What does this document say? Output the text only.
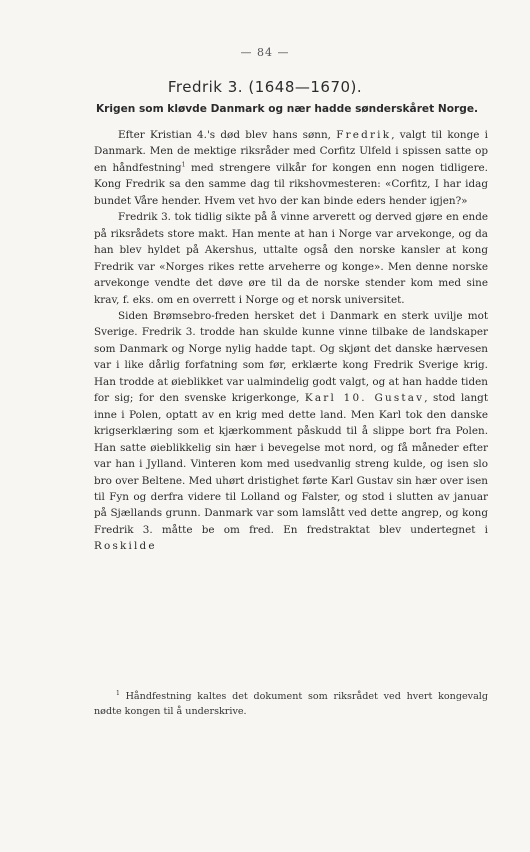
— 84 —
Fredrik 3. (1648—1670).
Krigen som kløvde Danmark og nær hadde sønderskåret Norge.

Efter Kristian 4.'s død blev hans sønn, Fredrik, valgt til konge i Danmark. Men de mektige riksråder med Corfitz Ulfeld i spissen satte op en håndfestning$^1$ med strengere vilkår for kongen enn nogen tidligere. Kong Fredrik sa den samme dag til rikshovmesteren: «Corfitz, I har idag bundet Våre hender. Hvem vet hvo der kan binde eders hender igjen?»

Fredrik 3. tok tidlig sikte på å vinne arverett og derved gjøre en ende på riksrådets store makt. Han mente at han i Norge var arvekonge, og da han blev hyldet på Akershus, uttalte også den norske kansler at kong Fredrik var «Norges rikes rette arveherre og konge». Men denne norske arvekonge vendte det døve øre til da de norske stender kom med sine krav, f. eks. om en overrett i Norge og et norsk universitet.

Siden Brømsebro-freden hersket det i Danmark en sterk uvilje mot Sverige. Fredrik 3. trodde han skulde kunne vinne tilbake de landskaper som Danmark og Norge nylig hadde tapt. Og skjønt det danske hærvesen var i like dårlig forfatning som før, erklærte kong Fredrik Sverige krig. Han trodde at øieblikket var ualmindelig godt valgt, og at han hadde tiden for sig; for den svenske krigerkonge, Karl 10. Gustav, stod langt inne i Polen, optatt av en krig med dette land. Men Karl tok den danske krigserklæring som et kjærkomment påskudd til å slippe bort fra Polen. Han satte øieblikkelig sin hær i bevegelse mot nord, og få måneder efter var han i Jylland. Vinteren kom med usedvanlig streng kulde, og isen slo bro over Beltene. Med uhørt dristighet førte Karl Gustav sin hær over isen til Fyn og derfra videre til Lolland og Falster, og stod i slutten av januar på Sjællands grunn. Danmark var som lamslått ved dette angrep, og kong Fredrik 3. måtte be om fred. En fredstraktat blev undertegnet i Roskilde

$^1$ Håndfestning kaltes det dokument som riksrådet ved hvert kongevalg nødte kongen til å underskrive.
